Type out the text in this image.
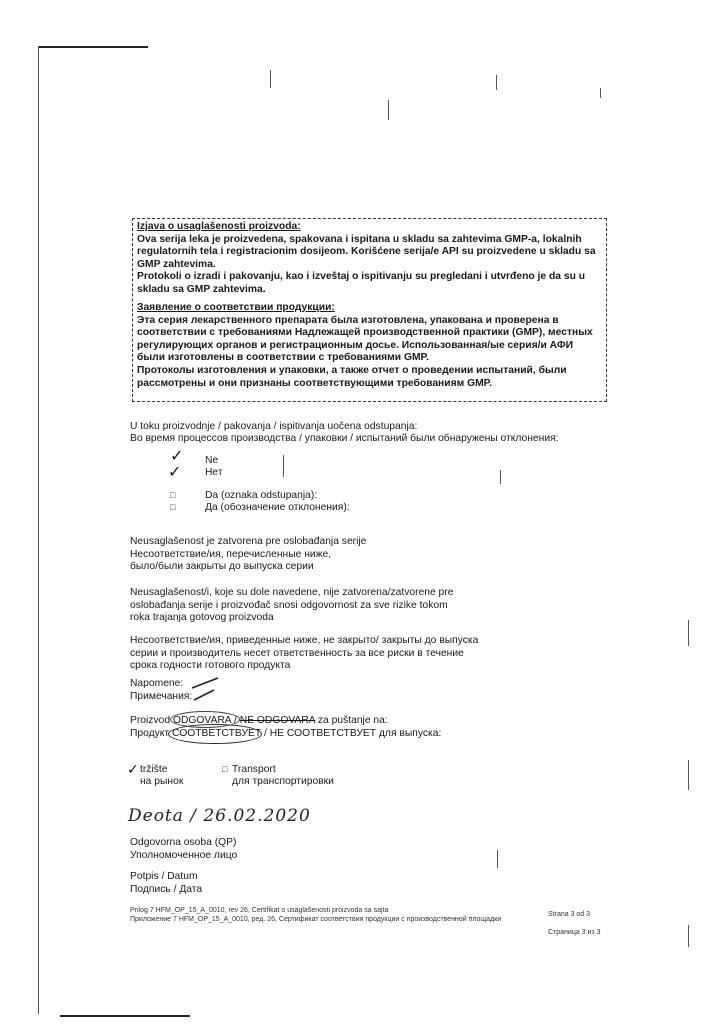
Izjava o usaglašenosti proizvoda:
Ova serija leka je proizvedena, spakovana i ispitana u skladu sa zahtevima GMP-a, lokalnih regulatornih tela i registracionim dosijeom. Korišćene serija/e API su proizvedene u skladu sa GMP zahtevima.
Protokoli o izradi i pakovanju, kao i izveštaj o ispitivanju su pregledani i utvrđeno je da su u skladu sa GMP zahtevima.
Заявление о соответствии продукции:
Эта серия лекарственного препарата была изготовлена, упакована и проверена в соответствии с требованиями Надлежащей производственной практики (GMP), местных регулирующих органов и регистрационным досье. Использованная/ые серия/и АФИ были изготовлены в соответствии с требованиями GMP.
Протоколы изготовления и упаковки, а также отчет о проведении испытаний, были рассмотрены и они признаны соответствующими требованиям GMP.
U toku proizvodnje / pakovanja / ispitivanja uočena odstupanja:
Во время процессов производства / упаковки / испытаний были обнаружены отклонения:
✓
✓
Ne
Нет
□
□
Da (oznaka odstupanja):
Да (обозначение отклонения):
Neusaglašenost je zatvorena pre oslobađanja serije
Несоответствие/ия, перечисленные ниже,
было/были закрыты до выпуска серии
Neusaglašenost/i, koje su dole navedene, nije zatvorena/zatvorene pre
oslobađanja serije i proizvođač snosi odgovornost za sve rizike tokom
roka trajanja gotovog proizvoda
Несоответствие/ия, приведенные ниже, не закрыто/ закрыты до выпуска
серии и производитель несет ответственность за все риски в течение
срока годности готового продукта
Napomene:
Примечания:
Proizvod ODGOVARA / NE ODGOVARA za puštanje na:
Продукт СООТВЕТСТВУЕТ / НЕ СООТВЕТСТВУЕТ для выпуска:
✓ tržište
на рынок
□ Transport
для транспортировки
Deota / 26.02.2020
Odgovorna osoba (QP)
Уполномоченное лицо
Potpis / Datum
Подпись / Дата
Prilog 7 HFM_OP_15_A_0010, rev 26, Certifikat o usaglašenosti proizvoda sa sajta
Приложение 7 HFM_OP_15_A_0010, ред. 26, Сертификат соответствия продукции с производственной площадки
Strana 3 od 3
Страница 3 из 3
